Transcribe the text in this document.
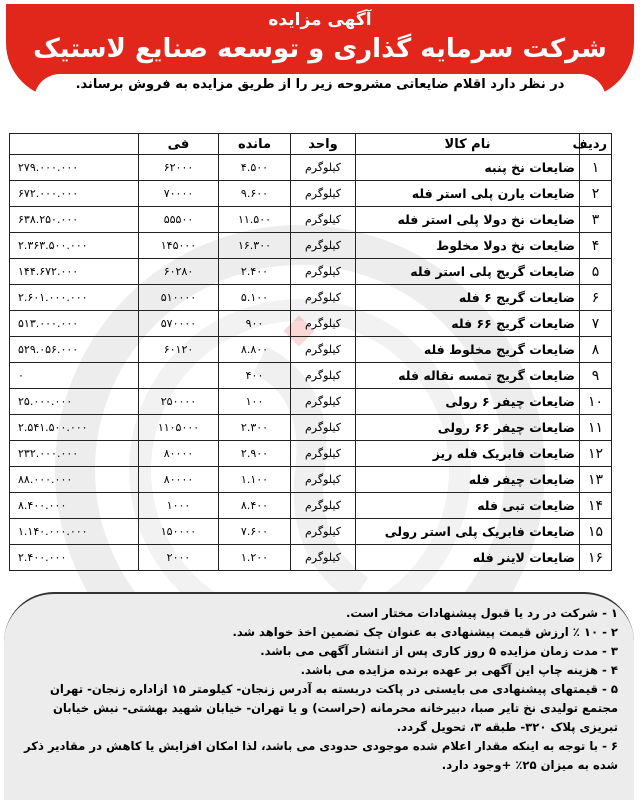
آگهی مزایده
شرکت سرمایه گذاری و توسعه صنایع لاستیک
در نظر دارد اقلام ضایعاتی مشروحه زیر را از طریق مزایده به فروش برساند.
ردیف	نام کالا	واحد	مانده	فی	
۱	ضایعات نخ پنبه	کیلوگرم	۴.۵۰۰	۶۲۰۰۰	۲۷۹.۰۰۰.۰۰۰
۲	ضایعات یارن پلی استر فله	کیلوگرم	۹.۶۰۰	۷۰۰۰۰	۶۷۲.۰۰۰.۰۰۰
۳	ضایعات نخ دولا پلی استر فله	کیلوگرم	۱۱.۵۰۰	۵۵۵۰۰	۶۳۸.۲۵۰.۰۰۰
۴	ضایعات نخ دولا مخلوط	کیلوگرم	۱۶.۳۰۰	۱۴۵۰۰۰	۲.۳۶۳.۵۰۰.۰۰۰
۵	ضایعات گریج پلی استر فله	کیلوگرم	۲.۴۰۰	۶۰۲۸۰	۱۴۴.۶۷۲.۰۰۰
۶	ضایعات گریج ۶ فله	کیلوگرم	۵.۱۰۰	۵۱۰۰۰۰	۲.۶۰۱.۰۰۰.۰۰۰
۷	ضایعات گریج ۶۶ فله	کیلوگرم	۹۰۰	۵۷۰۰۰۰	۵۱۳.۰۰۰.۰۰۰
۸	ضایعات گریج مخلوط فله	کیلوگرم	۸.۸۰۰	۶۰۱۲۰	۵۲۹.۰۵۶.۰۰۰
۹	ضایعات گریج تمسه نقاله فله	کیلوگرم	۴۰۰		۰
۱۰	ضایعات چیفر ۶ رولی	کیلوگرم	۱۰۰	۲۵۰۰۰۰	۲۵.۰۰۰.۰۰۰
۱۱	ضایعات چیفر ۶۶ رولی	کیلوگرم	۲.۳۰۰	۱۱۰۵۰۰۰	۲.۵۴۱.۵۰۰.۰۰۰
۱۲	ضایعات فابریک فله ریز	کیلوگرم	۲.۹۰۰	۸۰۰۰۰	۲۳۲.۰۰۰.۰۰۰
۱۳	ضایعات چیفر فله	کیلوگرم	۱.۱۰۰	۸۰۰۰۰	۸۸.۰۰۰.۰۰۰
۱۴	ضایعات تبی فله	کیلوگرم	۸.۴۰۰	۱۰۰۰	۸.۴۰۰.۰۰۰
۱۵	ضایعات فابریک پلی استر رولی	کیلوگرم	۷.۶۰۰	۱۵۰۰۰۰	۱.۱۴۰.۰۰۰.۰۰۰
۱۶	ضایعات لاینر فله	کیلوگرم	۱.۲۰۰	۲۰۰۰	۲.۴۰۰.۰۰۰

۱ - شرکت در رد یا قبول پیشنهادات مختار است.

۲ - ۱۰ ٪ ارزش قیمت پیشنهادی به عنوان چک تضمین اخذ خواهد شد.

۳ - مدت زمان مزایده ۵ روز کاری پس از انتشار آگهی می باشد.

۴ - هزینه چاپ این آگهی بر عهده برنده مزایده می باشد.

۵ - قیمتهای پیشنهادی می بایستی در پاکت دربسته به آدرس زنجان- کیلومتر ۱۵ ازاداره زنجان- تهران مجتمع تولیدی نخ تایر صبا، دبیرخانه محرمانه (حراست) و یا تهران- خیابان شهید بهشتی- نبش خیابان تبریزی پلاک ۳۲۰- طبقه ۳، تحویل گردد.

۶ - با توجه به اینکه مقدار اعلام شده موجودی حدودی می باشد، لذا امکان افزایش یا کاهش در مقادیر ذکر شده به میزان ۲۵٪ +وجود دارد.
